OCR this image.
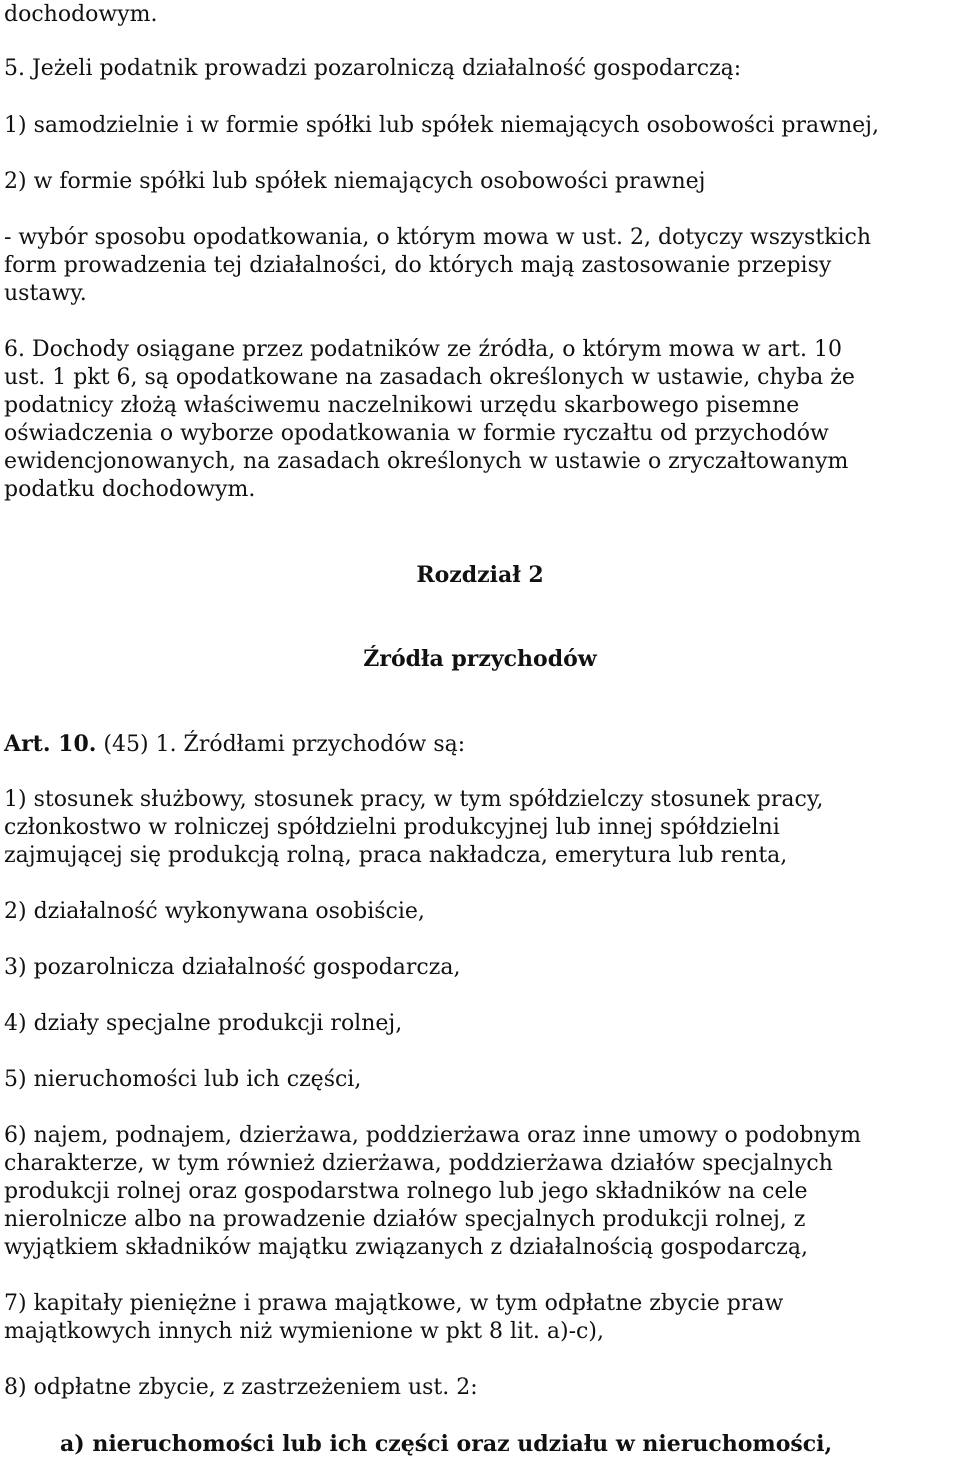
dochodowym.

5. Jeżeli podatnik prowadzi pozarolniczą działalność gospodarczą:

1) samodzielnie i w formie spółki lub spółek niemających osobowości prawnej,

2) w formie spółki lub spółek niemających osobowości prawnej

- wybór sposobu opodatkowania, o którym mowa w ust. 2, dotyczy wszystkich

form prowadzenia tej działalności, do których mają zastosowanie przepisy

ustawy.

6. Dochody osiągane przez podatników ze źródła, o którym mowa w art. 10

ust. 1 pkt 6, są opodatkowane na zasadach określonych w ustawie, chyba że

podatnicy złożą właściwemu naczelnikowi urzędu skarbowego pisemne

oświadczenia o wyborze opodatkowania w formie ryczałtu od przychodów

ewidencjonowanych, na zasadach określonych w ustawie o zryczałtowanym

podatku dochodowym.

Rozdział 2
Źródła przychodów

Art. 10. (45) 1. Źródłami przychodów są:

1) stosunek służbowy, stosunek pracy, w tym spółdzielczy stosunek pracy,

członkostwo w rolniczej spółdzielni produkcyjnej lub innej spółdzielni

zajmującej się produkcją rolną, praca nakładcza, emerytura lub renta,

2) działalność wykonywana osobiście,

3) pozarolnicza działalność gospodarcza,

4) działy specjalne produkcji rolnej,

5) nieruchomości lub ich części,

6) najem, podnajem, dzierżawa, poddzierżawa oraz inne umowy o podobnym

charakterze, w tym również dzierżawa, poddzierżawa działów specjalnych

produkcji rolnej oraz gospodarstwa rolnego lub jego składników na cele

nierolnicze albo na prowadzenie działów specjalnych produkcji rolnej, z

wyjątkiem składników majątku związanych z działalnością gospodarczą,

7) kapitały pieniężne i prawa majątkowe, w tym odpłatne zbycie praw

majątkowych innych niż wymienione w pkt 8 lit. a)-c),

8) odpłatne zbycie, z zastrzeżeniem ust. 2:

a) nieruchomości lub ich części oraz udziału w nieruchomości,
